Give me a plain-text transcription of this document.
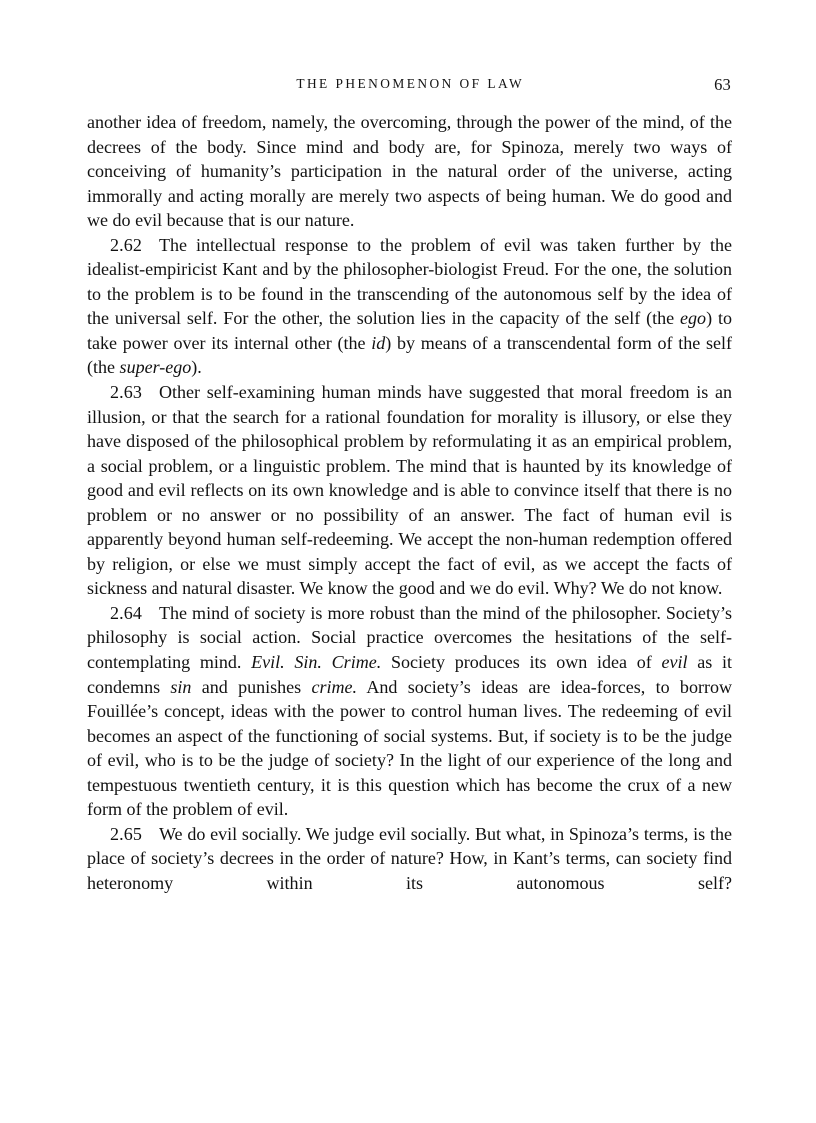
THE PHENOMENON OF LAW	63

another idea of freedom, namely, the overcoming, through the power of the mind, of the decrees of the body. Since mind and body are, for Spinoza, merely two ways of conceiving of humanity’s participation in the natural order of the universe, acting immorally and acting morally are merely two aspects of being human. We do good and we do evil because that is our nature.

2.62 The intellectual response to the problem of evil was taken further by the idealist-empiricist Kant and by the philosopher-biologist Freud. For the one, the solution to the problem is to be found in the transcending of the autonomous self by the idea of the universal self. For the other, the solution lies in the capacity of the self (the ego) to take power over its internal other (the id) by means of a transcendental form of the self (the super-ego).

2.63 Other self-examining human minds have suggested that moral freedom is an illusion, or that the search for a rational foundation for morality is illusory, or else they have disposed of the philosophical problem by reformulating it as an empirical problem, a social problem, or a linguistic problem. The mind that is haunted by its knowledge of good and evil reflects on its own knowledge and is able to convince itself that there is no problem or no answer or no possibility of an answer. The fact of human evil is apparently beyond human self-redeeming. We accept the non-human redemption offered by religion, or else we must simply accept the fact of evil, as we accept the facts of sickness and natural disaster. We know the good and we do evil. Why? We do not know.

2.64 The mind of society is more robust than the mind of the philosopher. Society’s philosophy is social action. Social practice overcomes the hesitations of the self-contemplating mind. Evil. Sin. Crime. Society produces its own idea of evil as it condemns sin and punishes crime. And society’s ideas are idea-forces, to borrow Fouillée’s concept, ideas with the power to control human lives. The redeeming of evil becomes an aspect of the functioning of social systems. But, if society is to be the judge of evil, who is to be the judge of society? In the light of our experience of the long and tempestuous twentieth century, it is this question which has become the crux of a new form of the problem of evil.

2.65 We do evil socially. We judge evil socially. But what, in Spinoza’s terms, is the place of society’s decrees in the order of nature? How, in Kant’s terms, can society find heteronomy within its autonomous self?
